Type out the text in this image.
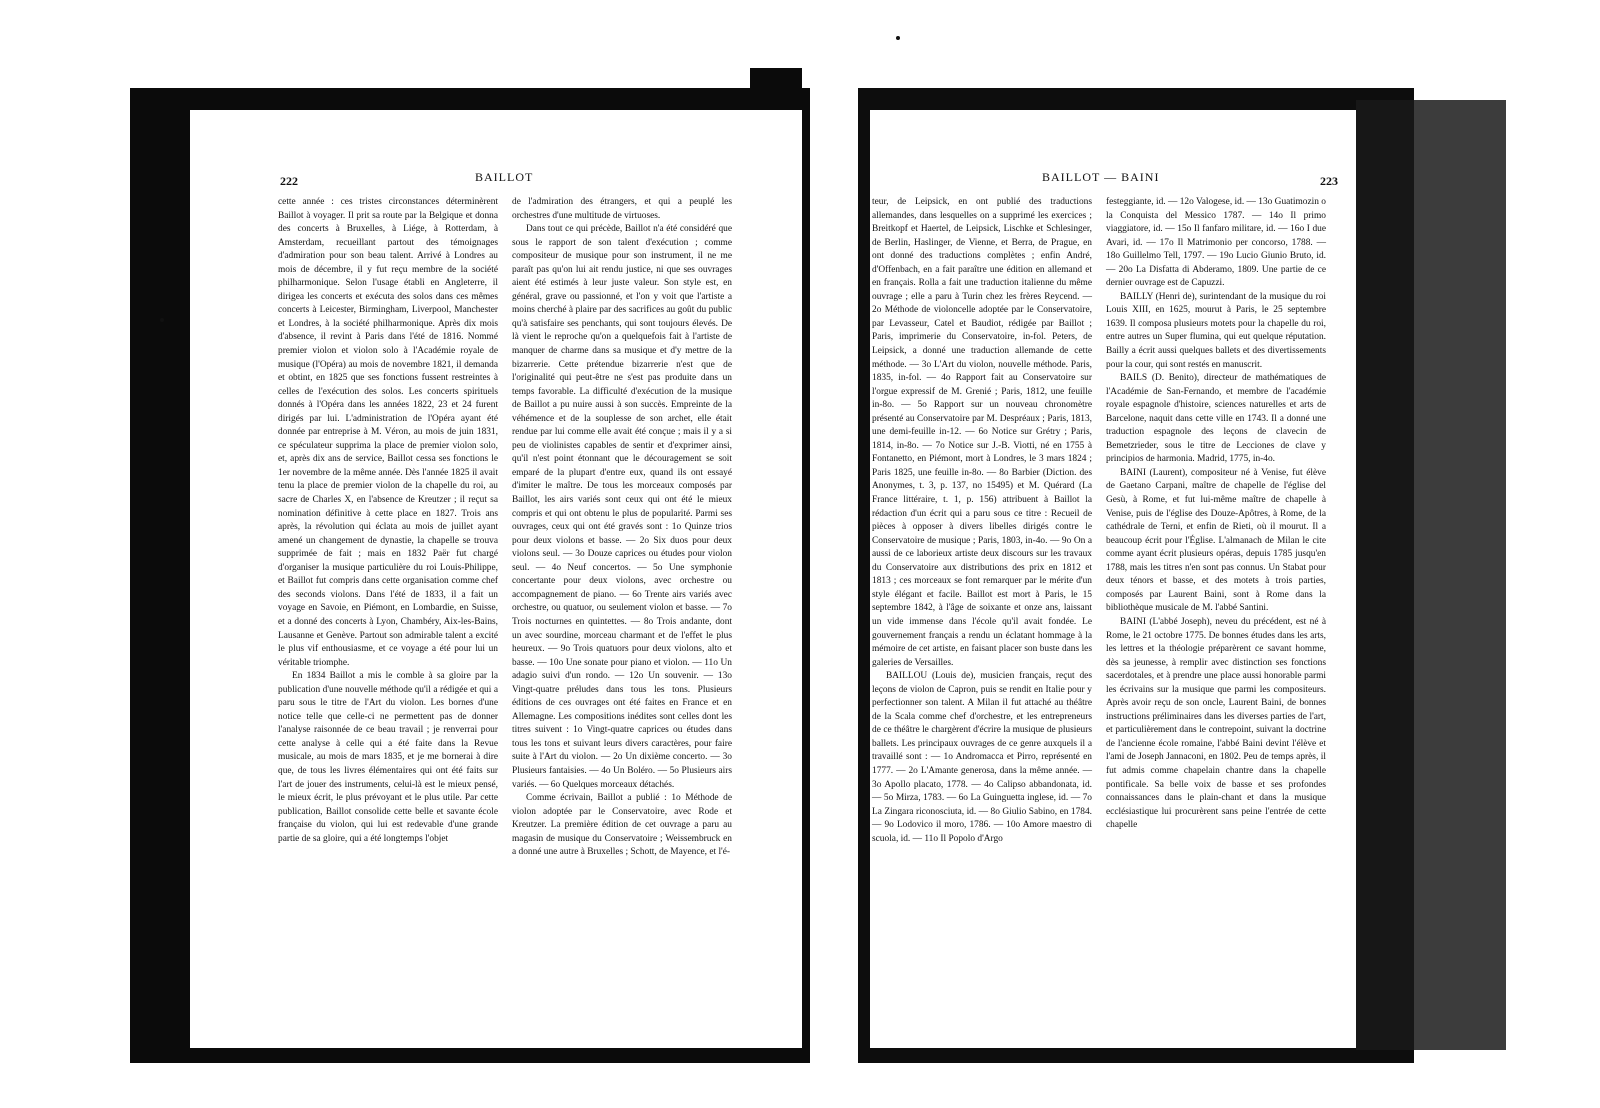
222	BAILLOT

cette année : ces tristes circonstances déterminèrent Baillot à voyager. Il prit sa route par la Belgique et donna des concerts à Bruxelles, à Liége, à Rotterdam, à Amsterdam, recueillant partout des témoignages d'admiration pour son beau talent. Arrivé à Londres au mois de décembre, il y fut reçu membre de la société philharmonique. Selon l'usage établi en Angleterre, il dirigea les concerts et exécuta des solos dans ces mêmes concerts à Leicester, Birmingham, Liverpool, Manchester et Londres, à la société philharmonique. Après dix mois d'absence, il revint à Paris dans l'été de 1816. Nommé premier violon et violon solo à l'Académie royale de musique (l'Opéra) au mois de novembre 1821, il demanda et obtint, en 1825 que ses fonctions fussent restreintes à celles de l'exécution des solos. Les concerts spirituels donnés à l'Opéra dans les années 1822, 23 et 24 furent dirigés par lui. L'administration de l'Opéra ayant été donnée par entreprise à M. Véron, au mois de juin 1831, ce spéculateur supprima la place de premier violon solo, et, après dix ans de service, Baillot cessa ses fonctions le 1er novembre de la même année. Dès l'année 1825 il avait tenu la place de premier violon de la chapelle du roi, au sacre de Charles X, en l'absence de Kreutzer ; il reçut sa nomination définitive à cette place en 1827. Trois ans après, la révolution qui éclata au mois de juillet ayant amené un changement de dynastie, la chapelle se trouva supprimée de fait ; mais en 1832 Paër fut chargé d'organiser la musique particulière du roi Louis-Philippe, et Baillot fut compris dans cette organisation comme chef des seconds violons. Dans l'été de 1833, il a fait un voyage en Savoie, en Piémont, en Lombardie, en Suisse, et a donné des concerts à Lyon, Chambéry, Aix-les-Bains, Lausanne et Genève. Partout son admirable talent a excité le plus vif enthousiasme, et ce voyage a été pour lui un véritable triomphe.

En 1834 Baillot a mis le comble à sa gloire par la publication d'une nouvelle méthode qu'il a rédigée et qui a paru sous le titre de l'Art du violon. Les bornes d'une notice telle que celle-ci ne permettent pas de donner l'analyse raisonnée de ce beau travail ; je renverrai pour cette analyse à celle qui a été faite dans la Revue musicale, au mois de mars 1835, et je me bornerai à dire que, de tous les livres élémentaires qui ont été faits sur l'art de jouer des instruments, celui-là est le mieux pensé, le mieux écrit, le plus prévoyant et le plus utile. Par cette publication, Baillot consolide cette belle et savante école française du violon, qui lui est redevable d'une grande partie de sa gloire, qui a été longtemps l'objet

de l'admiration des étrangers, et qui a peuplé les orchestres d'une multitude de virtuoses.

Dans tout ce qui précède, Baillot n'a été considéré que sous le rapport de son talent d'exécution ; comme compositeur de musique pour son instrument, il ne me paraît pas qu'on lui ait rendu justice, ni que ses ouvrages aient été estimés à leur juste valeur. Son style est, en général, grave ou passionné, et l'on y voit que l'artiste a moins cherché à plaire par des sacrifices au goût du public qu'à satisfaire ses penchants, qui sont toujours élevés. De là vient le reproche qu'on a quelquefois fait à l'artiste de manquer de charme dans sa musique et d'y mettre de la bizarrerie. Cette prétendue bizarrerie n'est que de l'originalité qui peut-être ne s'est pas produite dans un temps favorable. La difficulté d'exécution de la musique de Baillot a pu nuire aussi à son succès. Empreinte de la véhémence et de la souplesse de son archet, elle était rendue par lui comme elle avait été conçue ; mais il y a si peu de violinistes capables de sentir et d'exprimer ainsi, qu'il n'est point étonnant que le découragement se soit emparé de la plupart d'entre eux, quand ils ont essayé d'imiter le maître. De tous les morceaux composés par Baillot, les airs variés sont ceux qui ont été le mieux compris et qui ont obtenu le plus de popularité. Parmi ses ouvrages, ceux qui ont été gravés sont : 1o Quinze trios pour deux violons et basse. — 2o Six duos pour deux violons seul. — 3o Douze caprices ou études pour violon seul. — 4o Neuf concertos. — 5o Une symphonie concertante pour deux violons, avec orchestre ou accompagnement de piano. — 6o Trente airs variés avec orchestre, ou quatuor, ou seulement violon et basse. — 7o Trois nocturnes en quintettes. — 8o Trois andante, dont un avec sourdine, morceau charmant et de l'effet le plus heureux. — 9o Trois quatuors pour deux violons, alto et basse. — 10o Une sonate pour piano et violon. — 11o Un adagio suivi d'un rondo. — 12o Un souvenir. — 13o Vingt-quatre préludes dans tous les tons. Plusieurs éditions de ces ouvrages ont été faites en France et en Allemagne. Les compositions inédites sont celles dont les titres suivent : 1o Vingt-quatre caprices ou études dans tous les tons et suivant leurs divers caractères, pour faire suite à l'Art du violon. — 2o Un dixième concerto. — 3o Plusieurs fantaisies. — 4o Un Boléro. — 5o Plusieurs airs variés. — 6o Quelques morceaux détachés.

Comme écrivain, Baillot a publié : 1o Méthode de violon adoptée par le Conservatoire, avec Rode et Kreutzer. La première édition de cet ouvrage a paru au magasin de musique du Conservatoire ; Weissembruck en a donné une autre à Bruxelles ; Schott, de Mayence, et l'é-

BAILLOT — BAINI	223

teur, de Leipsick, en ont publié des traductions allemandes, dans lesquelles on a supprimé les exercices ; Breitkopf et Haertel, de Leipsick, Lischke et Schlesinger, de Berlin, Haslinger, de Vienne, et Berra, de Prague, en ont donné des traductions complètes ; enfin André, d'Offenbach, en a fait paraître une édition en allemand et en français. Rolla a fait une traduction italienne du même ouvrage ; elle a paru à Turin chez les frères Reycend. — 2o Méthode de violoncelle adoptée par le Conservatoire, par Levasseur, Catel et Baudiot, rédigée par Baillot ; Paris, imprimerie du Conservatoire, in-fol. Peters, de Leipsick, a donné une traduction allemande de cette méthode. — 3o L'Art du violon, nouvelle méthode. Paris, 1835, in-fol. — 4o Rapport fait au Conservatoire sur l'orgue expressif de M. Grenié ; Paris, 1812, une feuille in-8o. — 5o Rapport sur un nouveau chronomètre présenté au Conservatoire par M. Despréaux ; Paris, 1813, une demi-feuille in-12. — 6o Notice sur Grétry ; Paris, 1814, in-8o. — 7o Notice sur J.-B. Viotti, né en 1755 à Fontanetto, en Piémont, mort à Londres, le 3 mars 1824 ; Paris 1825, une feuille in-8o. — 8o Barbier (Diction. des Anonymes, t. 3, p. 137, no 15495) et M. Quérard (La France littéraire, t. 1, p. 156) attribuent à Baillot la rédaction d'un écrit qui a paru sous ce titre : Recueil de pièces à opposer à divers libelles dirigés contre le Conservatoire de musique ; Paris, 1803, in-4o. — 9o On a aussi de ce laborieux artiste deux discours sur les travaux du Conservatoire aux distributions des prix en 1812 et 1813 ; ces morceaux se font remarquer par le mérite d'un style élégant et facile. Baillot est mort à Paris, le 15 septembre 1842, à l'âge de soixante et onze ans, laissant un vide immense dans l'école qu'il avait fondée. Le gouvernement français a rendu un éclatant hommage à la mémoire de cet artiste, en faisant placer son buste dans les galeries de Versailles.

BAILLOU (Louis de), musicien français, reçut des leçons de violon de Capron, puis se rendit en Italie pour y perfectionner son talent. A Milan il fut attaché au théâtre de la Scala comme chef d'orchestre, et les entrepreneurs de ce théâtre le chargèrent d'écrire la musique de plusieurs ballets. Les principaux ouvrages de ce genre auxquels il a travaillé sont : — 1o Andromacca et Pirro, représenté en 1777. — 2o L'Amante generosa, dans la même année. — 3o Apollo placato, 1778. — 4o Calipso abbandonata, id. — 5o Mirza, 1783. — 6o La Guinguetta inglese, id. — 7o La Zingara riconosciuta, id. — 8o Giulio Sabino, en 1784. — 9o Lodovico il moro, 1786. — 10o Amore maestro di scuola, id. — 11o Il Popolo d'Argo

festeggiante, id. — 12o Valogese, id. — 13o Guatimozin o la Conquista del Messico 1787. — 14o Il primo viaggiatore, id. — 15o Il fanfaro militare, id. — 16o I due Avari, id. — 17o Il Matrimonio per concorso, 1788. — 18o Guillelmo Tell, 1797. — 19o Lucio Giunio Bruto, id. — 20o La Disfatta di Abderamo, 1809. Une partie de ce dernier ouvrage est de Capuzzi.

BAILLY (Henri de), surintendant de la musique du roi Louis XIII, en 1625, mourut à Paris, le 25 septembre 1639. Il composa plusieurs motets pour la chapelle du roi, entre autres un Super flumina, qui eut quelque réputation. Bailly a écrit aussi quelques ballets et des divertissements pour la cour, qui sont restés en manuscrit.

BAILS (D. Benito), directeur de mathématiques de l'Académie de San-Fernando, et membre de l'académie royale espagnole d'histoire, sciences naturelles et arts de Barcelone, naquit dans cette ville en 1743. Il a donné une traduction espagnole des leçons de clavecin de Bemetzrieder, sous le titre de Lecciones de clave y principios de harmonia. Madrid, 1775, in-4o.

BAINI (Laurent), compositeur né à Venise, fut élève de Gaetano Carpani, maître de chapelle de l'église del Gesù, à Rome, et fut lui-même maître de chapelle à Venise, puis de l'église des Douze-Apôtres, à Rome, de la cathédrale de Terni, et enfin de Rieti, où il mourut. Il a beaucoup écrit pour l'Église. L'almanach de Milan le cite comme ayant écrit plusieurs opéras, depuis 1785 jusqu'en 1788, mais les titres n'en sont pas connus. Un Stabat pour deux ténors et basse, et des motets à trois parties, composés par Laurent Baini, sont à Rome dans la bibliothèque musicale de M. l'abbé Santini.

BAINI (L'abbé Joseph), neveu du précédent, est né à Rome, le 21 octobre 1775. De bonnes études dans les arts, les lettres et la théologie préparèrent ce savant homme, dès sa jeunesse, à remplir avec distinction ses fonctions sacerdotales, et à prendre une place aussi honorable parmi les écrivains sur la musique que parmi les compositeurs. Après avoir reçu de son oncle, Laurent Baini, de bonnes instructions préliminaires dans les diverses parties de l'art, et particulièrement dans le contrepoint, suivant la doctrine de l'ancienne école romaine, l'abbé Baini devint l'élève et l'ami de Joseph Jannaconi, en 1802. Peu de temps après, il fut admis comme chapelain chantre dans la chapelle pontificale. Sa belle voix de basse et ses profondes connaissances dans le plain-chant et dans la musique ecclésiastique lui procurèrent sans peine l'entrée de cette chapelle
